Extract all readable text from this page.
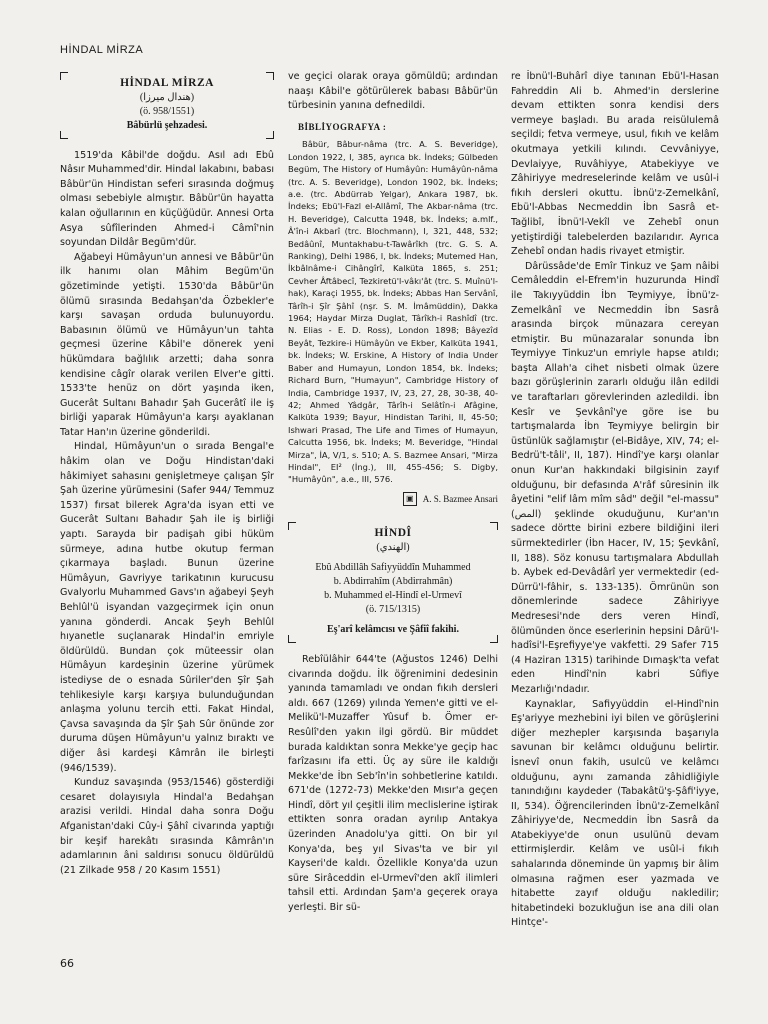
HİNDAL MİRZA
HİNDAL MİRZA
(هندال ميرزا)
(ö. 958/1551)
Bâbürlü şehzadesi.

1519'da Kâbil'de doğdu. Asıl adı Ebû Nâsır Muhammed'dir. Hindal lakabını, babası Bâbür'ün Hindistan seferi sırasında doğmuş olması sebebiyle almıştır. Bâbür'ün hayatta kalan oğullarının en küçüğüdür. Annesi Orta Asya sûfîlerinden Ahmed-i Câmî'nin soyundan Dildâr Begüm'dür.

Ağabeyi Hümâyun'un annesi ve Bâbür'ün ilk hanımı olan Mâhim Begüm'ün gözetiminde yetişti. 1530'da Bâbür'ün ölümü sırasında Bedahşan'da Özbekler'e karşı savaşan orduda bulunuyordu. Babasının ölümü ve Hümâyun'un tahta geçmesi üzerine Kâbil'e dönerek yeni hükümdara bağlılık arzetti; daha sonra kendisine câgîr olarak verilen Elver'e gitti. 1533'te henüz on dört yaşında iken, Gucerât Sultanı Bahadır Şah Gucerâtî ile iş birliği yaparak Hümâyun'a karşı ayaklanan Tatar Han'ın üzerine gönderildi.

Hindal, Hümâyun'un o sırada Bengal'e hâkim olan ve Doğu Hindistan'daki hâkimiyet sahasını genişletmeye çalışan Şîr Şah üzerine yürümesini (Safer 944/ Temmuz 1537) fırsat bilerek Agra'da isyan etti ve Gucerât Sultanı Bahadır Şah ile iş birliği yaptı. Sarayda bir padişah gibi hüküm sürmeye, adına hutbe okutup ferman çıkarmaya başladı. Bunun üzerine Hümâyun, Gavriyye tarikatının kurucusu Gvalyorlu Muhammed Gavs'ın ağabeyi Şeyh Behlûl'ü isyandan vazgeçirmek için onun yanına gönderdi. Ancak Şeyh Behlûl hıyanetle suçlanarak Hindal'in emriyle öldürüldü. Bundan çok müteessir olan Hümâyun kardeşinin üzerine yürümek istediyse de o esnada Sûriler'den Şîr Şah tehlikesiyle karşı karşıya bulunduğundan anlaşma yolunu tercih etti. Fakat Hindal, Çavsa savaşında da Şîr Şah Sûr önünde zor duruma düşen Hümâyun'u yalnız bıraktı ve diğer âsi kardeşi Kâmrân ile birleşti (946/1539).

Kunduz savaşında (953/1546) gösterdiği cesaret dolayısıyla Hindal'a Bedahşan arazisi verildi. Hindal daha sonra Doğu Afganistan'daki Cûy-i Şâhî civarında yaptığı bir keşif harekâtı sırasında Kâmrân'ın adamlarının âni saldırısı sonucu öldürüldü (21 Zilkade 958 / 20 Kasım 1551)

ve geçici olarak oraya gömüldü; ardından naaşı Kâbil'e götürülerek babası Bâbür'ün türbesinin yanına defnedildi.

BİBLİYOGRAFYA :

Bâbür, Bâbur-nâma (trc. A. S. Beveridge), London 1922, I, 385, ayrıca bk. İndeks; Gülbeden Begüm, The History of Humâyûn: Humâyûn-nâma (trc. A. S. Beveridge), London 1902, bk. İndeks; a.e. (trc. Abdürrab Yelgar), Ankara 1987, bk. İndeks; Ebü'l-Fazl el-Allâmî, The Akbar-nâma (trc. H. Beveridge), Calcutta 1948, bk. İndeks; a.mlf., Â'în-i Akbarî (trc. Blochmann), I, 321, 448, 532; Bedâûnî, Muntakhabu-t-Tawârîkh (trc. G. S. A. Ranking), Delhi 1986, I, bk. İndeks; Mutemed Han, İkbâlnâme-i Cihângîrî, Kalküta 1865, s. 251; Cevher Âftâbecî, Tezkiretü'l-vâkı'ât (trc. S. Muînü'l-hak), Karaçi 1955, bk. İndeks; Abbas Han Servânî, Târîh-i Şîr Şâhî (nşr. S. M. İmâmüddin), Dakka 1964; Haydar Mirza Duglat, Târîkh-i Rashîdî (trc. N. Elias - E. D. Ross), London 1898; Bâyezîd Beyât, Tezkire-i Hümâyûn ve Ekber, Kalküta 1941, bk. İndeks; W. Erskine, A History of India Under Baber and Humayun, London 1854, bk. İndeks; Richard Burn, "Humayun", Cambridge History of India, Cambridge 1937, IV, 23, 27, 28, 30-38, 40-42; Ahmed Yâdgâr, Târîh-i Selâtîn-i Afâgine, Kalküta 1939; Bayur, Hindistan Tarihi, II, 45-50; Ishwari Prasad, The Life and Times of Humayun, Calcutta 1956, bk. İndeks; M. Beveridge, "Hindal Mirza", İA, V/1, s. 510; A. S. Bazmee Ansari, "Mirza Hindal", EI² (İng.), III, 455-456; S. Digby, "Humâyûn", a.e., III, 576.

▣	A. S. Bazmee Ansari
HİNDÎ
(الهندي)
Ebû Abdillâh Safiyyüddîn Muhammed
b. Abdirrahîm (Abdirrahmân)
b. Muhammed el-Hindî el-Urmevî
(ö. 715/1315)
Eş'arî kelâmcısı ve Şâfiî fakihi.

Rebîülâhir 644'te (Ağustos 1246) Delhi civarında doğdu. İlk öğrenimini dedesinin yanında tamamladı ve ondan fıkıh dersleri aldı. 667 (1269) yılında Yemen'e gitti ve el-Melikü'l-Muzaffer Yûsuf b. Ömer er-Resûlî'den yakın ilgi gördü. Bir müddet burada kaldıktan sonra Mekke'ye geçip hac farîzasını ifa etti. Üç ay süre ile kaldığı Mekke'de İbn Seb'în'in sohbetlerine katıldı. 671'de (1272-73) Mekke'den Mısır'a geçen Hindî, dört yıl çeşitli ilim meclislerine iştirak ettikten sonra oradan ayrılıp Antakya üzerinden Anadolu'ya gitti. On bir yıl Konya'da, beş yıl Sivas'ta ve bir yıl Kayseri'de kaldı. Özellikle Konya'da uzun süre Sirâceddin el-Urmevî'den aklî ilimleri tahsil etti. Ardından Şam'a geçerek oraya yerleşti. Bir sü-

re İbnü'l-Buhârî diye tanınan Ebü'l-Hasan Fahreddin Ali b. Ahmed'in derslerine devam ettikten sonra kendisi ders vermeye başladı. Bu arada reisülulemâ seçildi; fetva vermeye, usul, fıkıh ve kelâm okutmaya yetkili kılındı. Cevvâniyye, Devlaiyye, Ruvâhiyye, Atabekiyye ve Zâhiriyye medreselerinde kelâm ve usûl-i fıkıh dersleri okuttu. İbnü'z-Zemelkânî, Ebü'l-Abbas Necmeddin İbn Sasrâ et-Tağlibî, İbnü'l-Vekîl ve Zehebî onun yetiştirdiği talebelerden bazılarıdır. Ayrıca Zehebî ondan hadis rivayet etmiştir.

Dârüssâde'de Emîr Tinkuz ve Şam nâibi Cemâleddin el-Efrem'in huzurunda Hindî ile Takıyyüddin İbn Teymiyye, İbnü'z-Zemelkânî ve Necmeddin İbn Sasrâ arasında birçok münazara cereyan etmiştir. Bu münazaralar sonunda İbn Teymiyye Tinkuz'un emriyle hapse atıldı; başta Allah'a cihet nisbeti olmak üzere bazı görüşlerinin zararlı olduğu ilân edildi ve taraftarları görevlerinden azledildi. İbn Kesîr ve Şevkânî'ye göre ise bu tartışmalarda İbn Teymiyye belirgin bir üstünlük sağlamıştır (el-Bidâye, XIV, 74; el-Bedrü't-tâli', II, 187). Hindî'ye karşı olanlar onun Kur'an hakkındaki bilgisinin zayıf olduğunu, bir defasında A'râf sûresinin ilk âyetini "elif lâm mîm sâd" değil "el-massu" (المص) şeklinde okuduğunu, Kur'an'ın sadece dörtte birini ezbere bildiğini ileri sürmektedirler (İbn Hacer, IV, 15; Şevkânî, II, 188). Söz konusu tartışmalara Abdullah b. Aybek ed-Devâdârî yer vermektedir (ed-Dürrü'l-fâhir, s. 133-135). Ömrünün son dönemlerinde sadece Zâhiriyye Medresesi'nde ders veren Hindî, ölümünden önce eserlerinin hepsini Dârü'l-hadîsi'l-Eşrefiyye'ye vakfetti. 29 Safer 715 (4 Haziran 1315) tarihinde Dımaşk'ta vefat eden Hindî'nin kabri Sûfiye Mezarlığı'ndadır.

Kaynaklar, Safiyyüddin el-Hindî'nin Eş'ariyye mezhebini iyi bilen ve görüşlerini diğer mezhepler karşısında başarıyla savunan bir kelâmcı olduğunu belirtir. İsnevî onun fakih, usulcü ve kelâmcı olduğunu, aynı zamanda zâhidliğiyle tanındığını kaydeder (Tabakâtü'ş-Şâfi'iyye, II, 534). Öğrencilerinden İbnü'z-Zemelkânî Zâhiriyye'de, Necmeddin İbn Sasrâ da Atabekiyye'de onun usulünü devam ettirmişlerdir. Kelâm ve usûl-i fıkıh sahalarında döneminde ün yapmış bir âlim olmasına rağmen eser yazmada ve hitabette zayıf olduğu nakledilir; hitabetindeki bozukluğun ise ana dili olan Hintçe'-

66
